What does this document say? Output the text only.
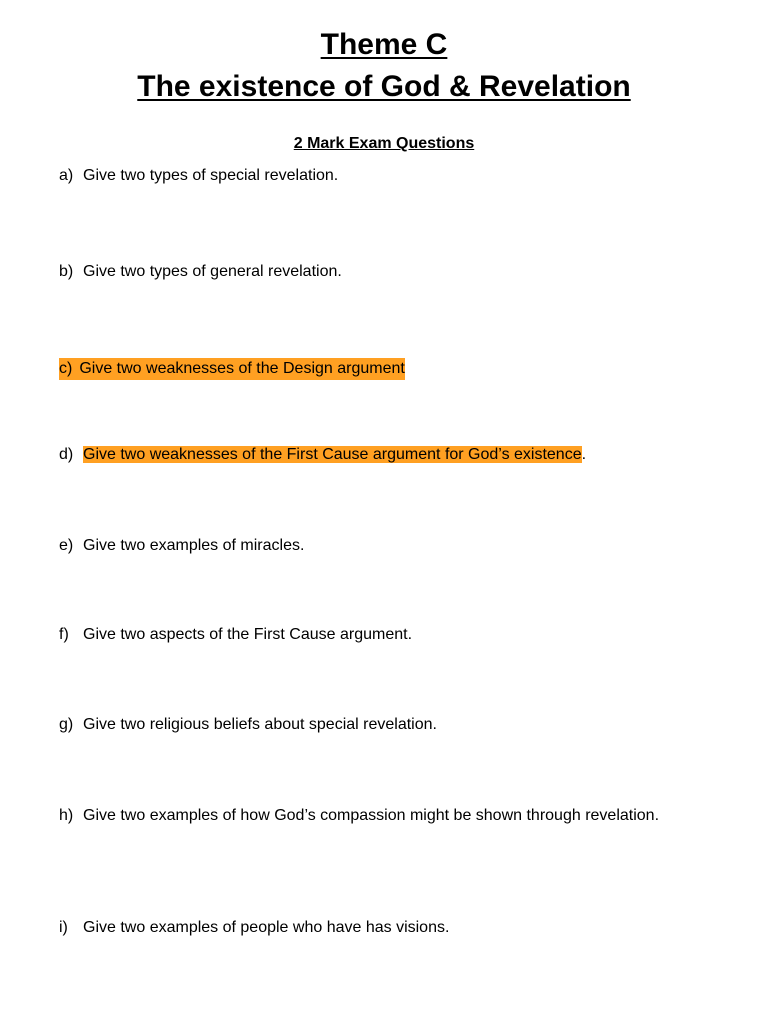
Theme C
The existence of God & Revelation
2 Mark Exam Questions
a) Give two types of special revelation.
b) Give two types of general revelation.
c) Give two weaknesses of the Design argument
d) Give two weaknesses of the First Cause argument for God’s existence.
e) Give two examples of miracles.
f) Give two aspects of the First Cause argument.
g) Give two religious beliefs about special revelation.
h) Give two examples of how God’s compassion might be shown through revelation.
i) Give two examples of people who have has visions.
